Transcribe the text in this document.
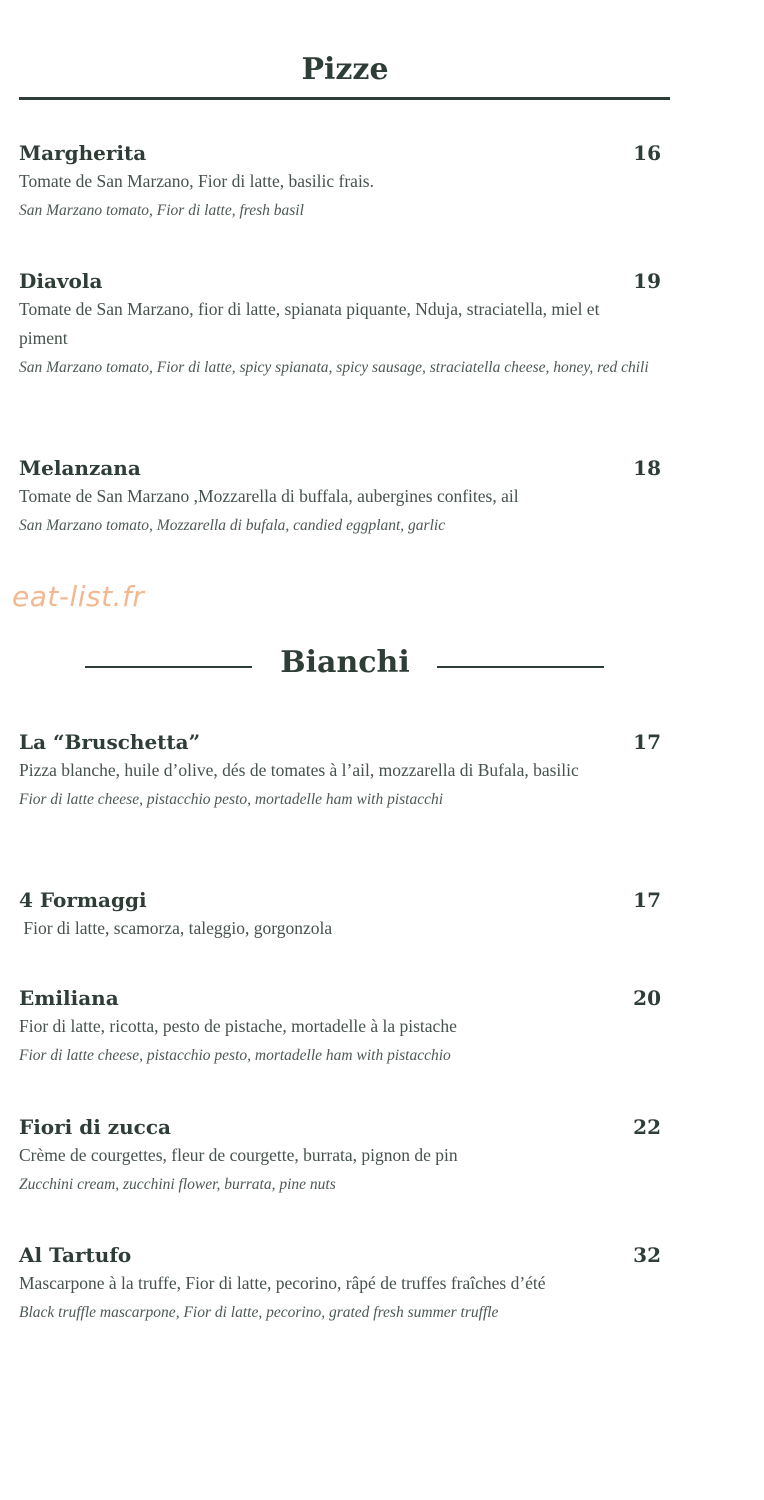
Pizze
Margherita	16
Tomate de San Marzano, Fior di latte, basilic frais.
San Marzano tomato, Fior di latte, fresh basil
Diavola	19
Tomate de San Marzano, fior di latte, spianata piquante, Nduja, straciatella, miel et piment
San Marzano tomato, Fior di latte, spicy spianata, spicy sausage, straciatella cheese, honey, red chili
Melanzana	18
Tomate de San Marzano ,Mozzarella di buffala, aubergines confites, ail
San Marzano tomato, Mozzarella di bufala, candied eggplant, garlic
eat-list.fr
Bianchi
La “Bruschetta”	17
Pizza blanche, huile d’olive, dés de tomates à l’ail, mozzarella di Bufala, basilic
Fior di latte cheese, pistacchio pesto, mortadelle ham with pistacchi
4 Formaggi	17
Fior di latte, scamorza, taleggio, gorgonzola
Emiliana	20
Fior di latte, ricotta, pesto de pistache, mortadelle à la pistache
Fior di latte cheese, pistacchio pesto, mortadelle ham with pistacchio
Fiori di zucca	22
Crème de courgettes, fleur de courgette, burrata, pignon de pin
Zucchini cream, zucchini flower, burrata, pine nuts
Al Tartufo	32
Mascarpone à la truffe, Fior di latte, pecorino, râpé de truffes fraîches d’été
Black truffle mascarpone, Fior di latte, pecorino, grated fresh summer truffle
